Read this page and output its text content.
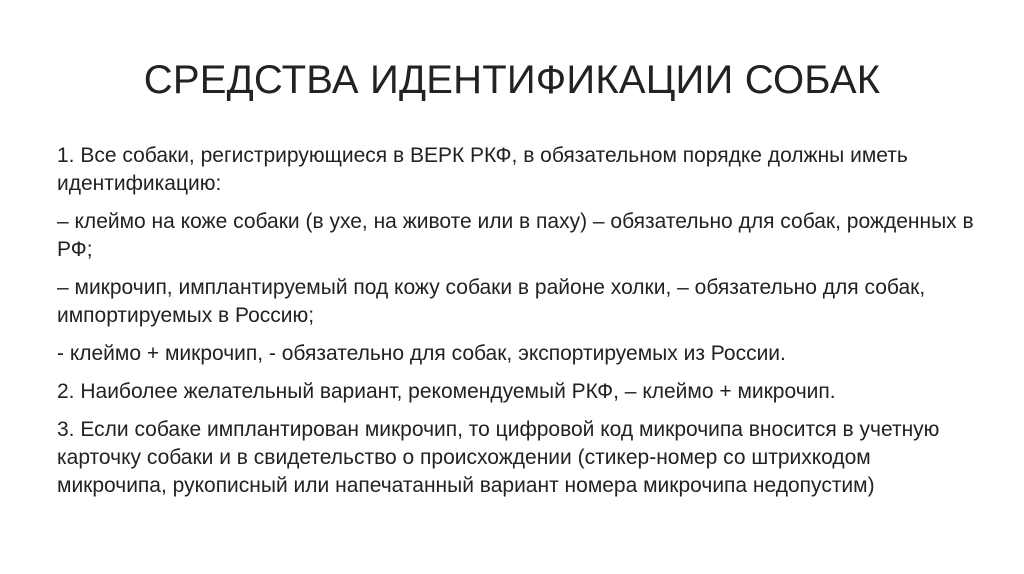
СРЕДСТВА ИДЕНТИФИКАЦИИ СОБАК

1. Все собаки, регистрирующиеся в ВЕРК РКФ, в обязательном порядке должны иметь идентификацию:

– клеймо на коже собаки (в ухе, на животе или в паху) – обязательно для собак, рожденных в РФ;

– микрочип, имплантируемый под кожу собаки в районе холки, – обязательно для собак, импортируемых в Россию;

- клеймо + микрочип, - обязательно для собак, экспортируемых из России.

2. Наиболее желательный вариант, рекомендуемый РКФ, – клеймо + микрочип.

3. Если собаке имплантирован микрочип, то цифровой код микрочипа вносится в учетную карточку собаки и в свидетельство о происхождении (стикер-номер со штрихкодом микрочипа, рукописный или напечатанный вариант номера микрочипа недопустим)
